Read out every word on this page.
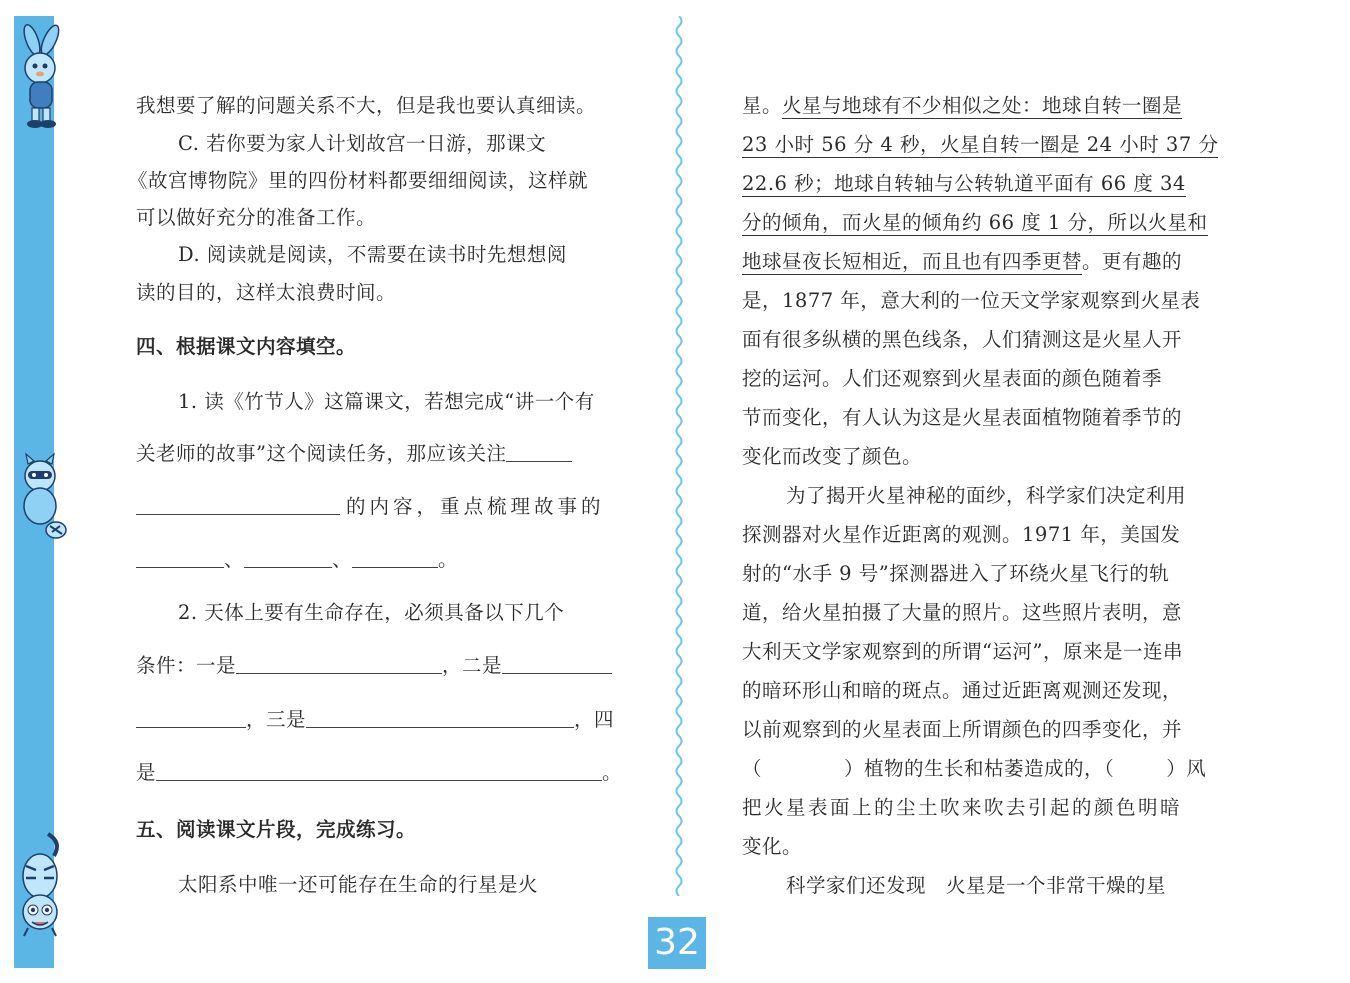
我想要了解的问题关系不大，但是我也要认真细读。
C. 若你要为家人计划故宫一日游，那课文
《故宫博物院》里的四份材料都要细细阅读，这样就
可以做好充分的准备工作。
D. 阅读就是阅读，不需要在读书时先想想阅
读的目的，这样太浪费时间。
四、根据课文内容填空。
1. 读《竹节人》这篇课文，若想完成“讲一个有
关老师的故事”这个阅读任务，那应该关注
的内容，重点梳理故事的
、	、	。
2. 天体上要有生命存在，必须具备以下几个
条件：一是	，二是
，三是	，四
是	。
五、阅读课文片段，完成练习。
太阳系中唯一还可能存在生命的行星是火
星。火星与地球有不少相似之处：地球自转一圈是
23 小时 56 分 4 秒，火星自转一圈是 24 小时 37 分
22.6 秒；地球自转轴与公转轨道平面有 66 度 34
分的倾角，而火星的倾角约 66 度 1 分，所以火星和
地球昼夜长短相近，而且也有四季更替。更有趣的
是，1877 年，意大利的一位天文学家观察到火星表
面有很多纵横的黑色线条，人们猜测这是火星人开
挖的运河。人们还观察到火星表面的颜色随着季
节而变化，有人认为这是火星表面植物随着季节的
变化而改变了颜色。
为了揭开火星神秘的面纱，科学家们决定利用
探测器对火星作近距离的观测。1971 年，美国发
射的“水手 9 号”探测器进入了环绕火星飞行的轨
道，给火星拍摄了大量的照片。这些照片表明，意
大利天文学家观察到的所谓“运河”，原来是一连串
的暗环形山和暗的斑点。通过近距离观测还发现，
以前观察到的火星表面上所谓颜色的四季变化，并
（	）植物的生长和枯萎造成的，（	）风
把火星表面上的尘土吹来吹去引起的颜色明暗
变化。
科学家们还发现　火星是一个非常干燥的星
32
